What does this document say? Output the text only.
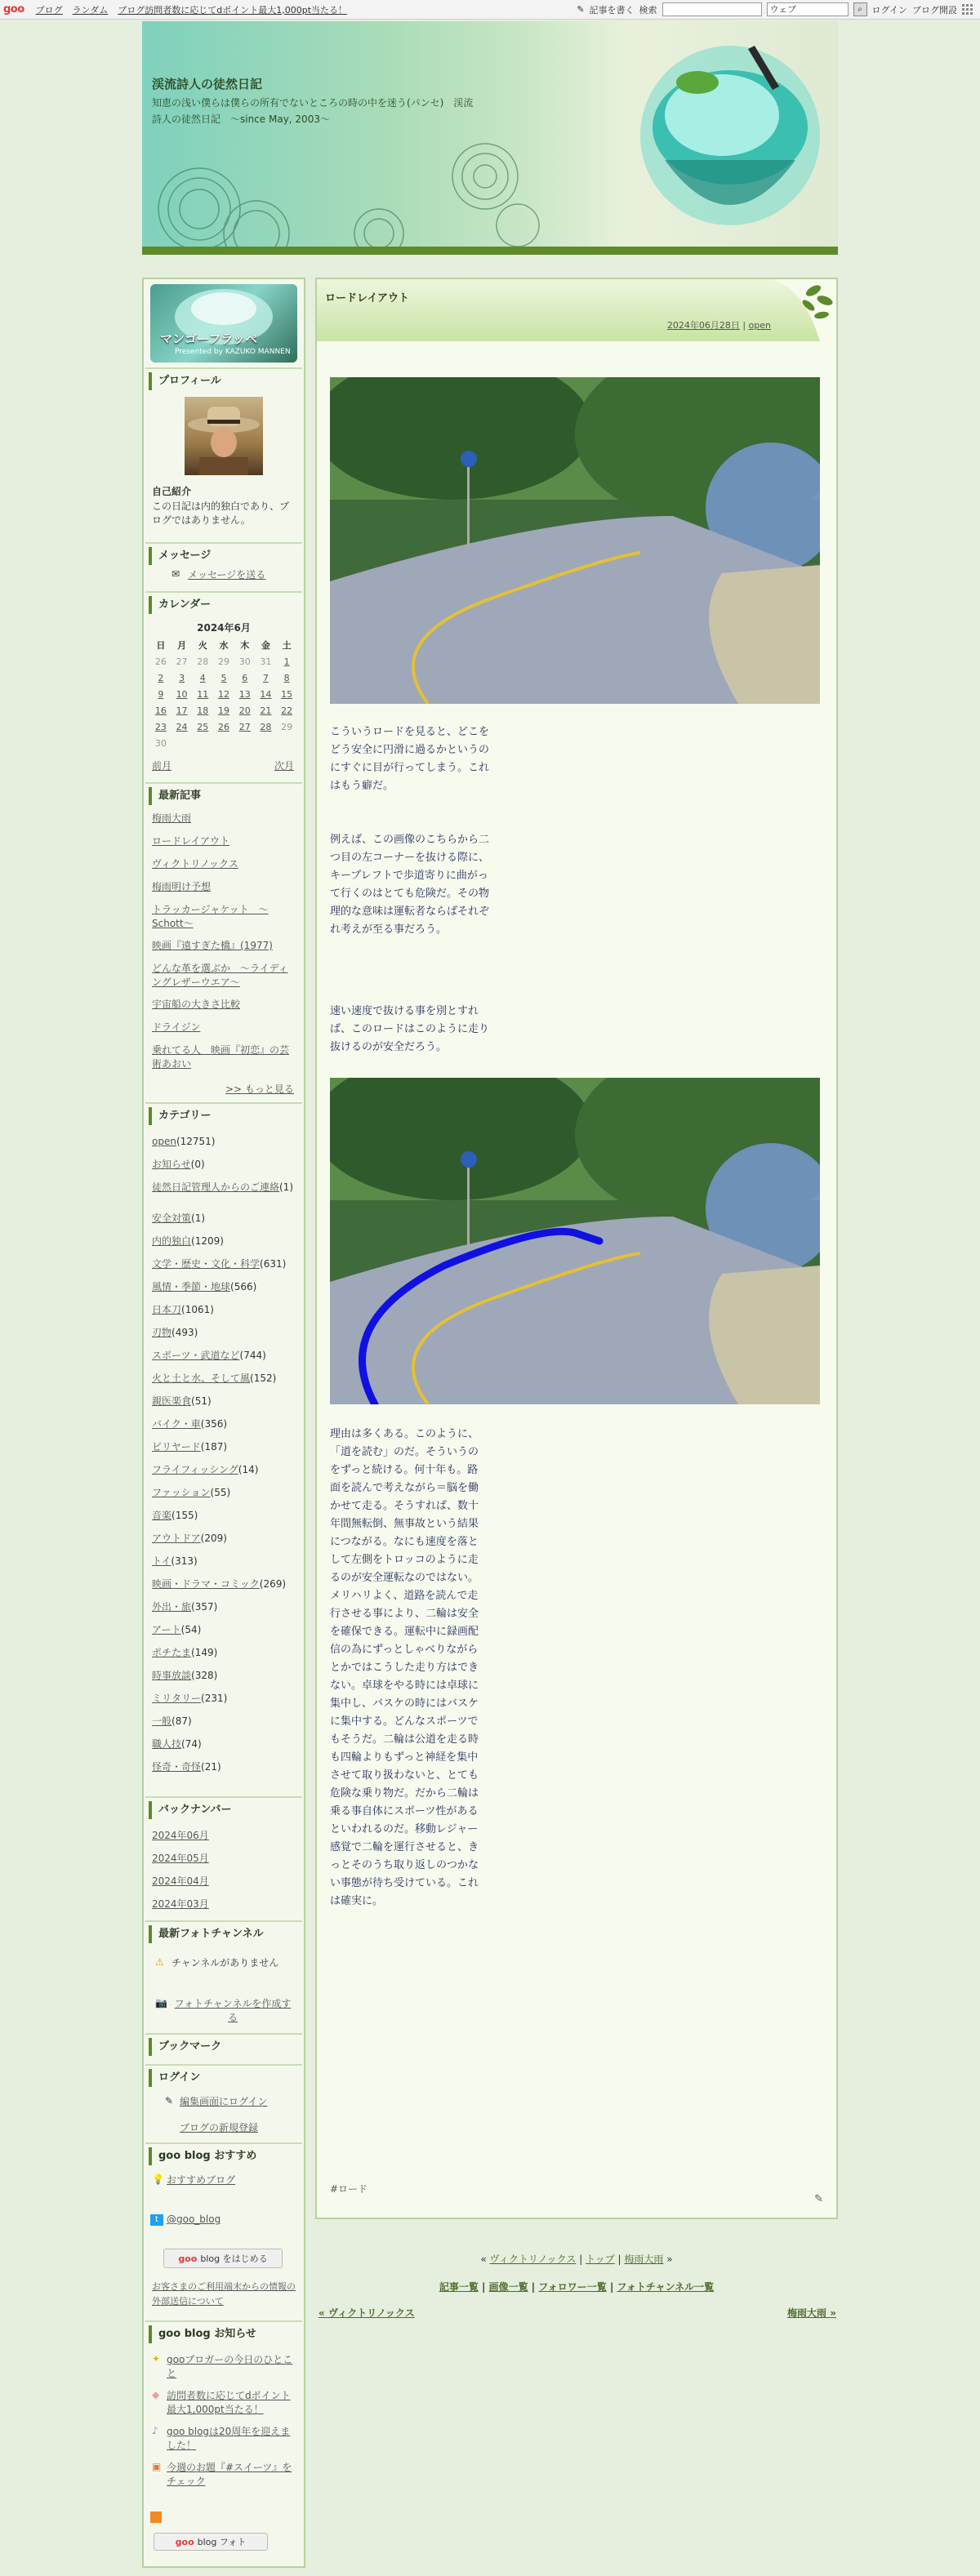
goo ブログ ランダム ブログ訪問者数に応じてdポイント最大1,000pt当たる！	✎ 記事を書く 検索	ウェブ	⌕ ログイン ブログ開設
渓流詩人の徒然日記
知恵の浅い僕らは僕らの所有でないところの時の中を迷う(パンセ)　渓流詩人の徒然日記　～since May, 2003～
マンゴーフラッペ
Presented by KAZUKO MANNEN
プロフィール
自己紹介
この日記は内的独白であり、ブログではありません。
メッセージ
✉ メッセージを送る
カレンダー
2024年6月
日	月	火	水	木	金	土
26	27	28	29	30	31	1
2	3	4	5	6	7	8
9	10	11	12	13	14	15
16	17	18	19	20	21	22
23	24	25	26	27	28	29
30
前月	次月
最新記事
梅雨大雨
ロードレイアウト
ヴィクトリノックス
梅雨明け予想
トラッカージャケット　～Schott～
映画『遠すぎた橋』(1977)
どんな革を選ぶか　～ライディングレザーウエア～
宇宙船の大きさ比較
ドライジン
乗れてる人　映画『初恋』の芸術あおい
>> もっと見る
カテゴリー
open(12751)
お知らせ(0)
徒然日記管理人からのご連絡(1)
安全対策(1)
内的独白(1209)
文学・歴史・文化・科学(631)
風情・季節・地球(566)
日本刀(1061)
刃物(493)
スポーツ・武道など(744)
火と土と水、そして風(152)
親医楽食(51)
バイク・車(356)
ビリヤード(187)
フライフィッシング(14)
ファッション(55)
音楽(155)
アウトドア(209)
トイ(313)
映画・ドラマ・コミック(269)
外出・旅(357)
アート(54)
ポチたま(149)
時事放談(328)
ミリタリー(231)
一般(87)
職人技(74)
怪奇・奇怪(21)
バックナンバー
2024年06月
2024年05月
2024年04月
2024年03月
最新フォトチャンネル
⚠ チャンネルがありません
📷 フォトチャンネルを作成する
ブックマーク
ログイン
✎ 編集画面にログイン
ブログの新規登録
goo blog おすすめ
💡 おすすめブログ
t @goo_blog
goo blog をはじめる
お客さまのご利用端末からの情報の外部送信について
goo blog お知らせ
✦ gooブロガーの今日のひとこと
◆ 訪問者数に応じてdポイント最大1,000pt当たる！
♪ goo blogは20周年を迎えました！
▣ 今週のお題『#スイーツ』をチェック
goo blog フォト
ロードレイアウト
2024年06月28日 | open
こういうロードを見ると、どこをどう安全に円滑に過るかというのにすぐに目が行ってしまう。これはもう癖だ。
例えば、この画像のこちらから二つ目の左コーナーを抜ける際に、キープレフトで歩道寄りに曲がって行くのはとても危険だ。その物理的な意味は運転者ならばそれぞれ考えが至る事だろう。
速い速度で抜ける事を別とすれば、このロードはこのように走り抜けるのが安全だろう。
理由は多くある。このように、「道を読む」のだ。そういうのをずっと続ける。何十年も。路面を読んで考えながら＝脳を働かせて走る。そうすれば、数十年間無転倒、無事故という結果につながる。なにも速度を落として左側をトロッコのように走るのが安全運転なのではない。メリハリよく、道路を読んで走行させる事により、二輪は安全を確保できる。運転中に録画配信の為にずっとしゃべりながらとかではこうした走り方はできない。卓球をやる時には卓球に集中し、バスケの時にはバスケに集中する。どんなスポーツでもそうだ。二輪は公道を走る時も四輪よりもずっと神経を集中させて取り扱わないと、とても危険な乗り物だ。だから二輪は乗る事自体にスポーツ性があるといわれるのだ。移動レジャー感覚で二輪を運行させると、きっとそのうち取り返しのつかない事態が待ち受けている。これは確実に。
#ロード
✎
« ヴィクトリノックス | トップ | 梅雨大雨 »
記事一覧 | 画像一覧 | フォロワー一覧 | フォトチャンネル一覧
« ヴィクトリノックス	梅雨大雨 »
